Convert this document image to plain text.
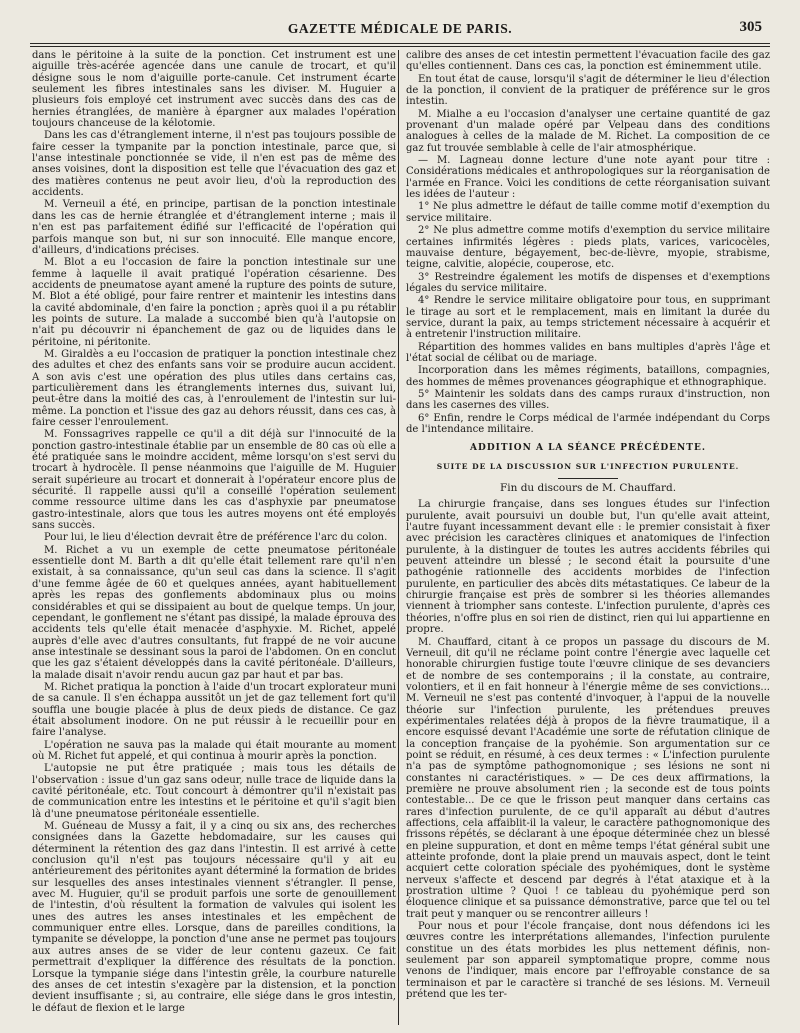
GAZETTE MÉDICALE DE PARIS.	305

dans le péritoine à la suite de la ponction. Cet instrument est une aiguille très-acérée agencée dans une canule de trocart, et qu'il désigne sous le nom d'aiguille porte-canule. Cet instrument écarte seulement les fibres intestinales sans les diviser. M. Huguier a plusieurs fois employé cet instrument avec succès dans des cas de hernies étranglées, de manière à épargner aux malades l'opération toujours chanceuse de la kélotomie.

Dans les cas d'étranglement interne, il n'est pas toujours possible de faire cesser la tympanite par la ponction intestinale, parce que, si l'anse intestinale ponctionnée se vide, il n'en est pas de même des anses voisines, dont la disposition est telle que l'évacuation des gaz et des matières contenus ne peut avoir lieu, d'où la reproduction des accidents.

M. Verneuil a été, en principe, partisan de la ponction intestinale dans les cas de hernie étranglée et d'étranglement interne ; mais il n'en est pas parfaitement édifié sur l'efficacité de l'opération qui parfois manque son but, ni sur son innocuité. Elle manque encore, d'ailleurs, d'indications précises.

M. Blot a eu l'occasion de faire la ponction intestinale sur une femme à laquelle il avait pratiqué l'opération césarienne. Des accidents de pneumatose ayant amené la rupture des points de suture, M. Blot a été obligé, pour faire rentrer et maintenir les intestins dans la cavité abdominale, d'en faire la ponction ; après quoi il a pu rétablir les points de suture. La malade a succombé bien qu'à l'autopsie on n'ait pu découvrir ni épanchement de gaz ou de liquides dans le péritoine, ni péritonite.

M. Giraldès a eu l'occasion de pratiquer la ponction intestinale chez des adultes et chez des enfants sans voir se produire aucun accident. A son avis c'est une opération des plus utiles dans certains cas, particulièrement dans les étranglements internes dus, suivant lui, peut-être dans la moitié des cas, à l'enroulement de l'intestin sur lui-même. La ponction et l'issue des gaz au dehors réussit, dans ces cas, à faire cesser l'enroulement.

M. Fonssagrives rappelle ce qu'il a dit déjà sur l'innocuité de la ponction gastro-intestinale établie par un ensemble de 80 cas où elle a été pratiquée sans le moindre accident, même lorsqu'on s'est servi du trocart à hydrocèle. Il pense néanmoins que l'aiguille de M. Huguier serait supérieure au trocart et donnerait à l'opérateur encore plus de sécurité. Il rappelle aussi qu'il a conseillé l'opération seulement comme ressource ultime dans les cas d'asphyxie par pneumatose gastro-intestinale, alors que tous les autres moyens ont été employés sans succès.

Pour lui, le lieu d'élection devrait être de préférence l'arc du colon.

M. Richet a vu un exemple de cette pneumatose péritonéale essentielle dont M. Barth a dit qu'elle était tellement rare qu'il n'en existait, à sa connaissance, qu'un seul cas dans la science. Il s'agit d'une femme âgée de 60 et quelques années, ayant habituellement après les repas des gonflements abdominaux plus ou moins considérables et qui se dissipaient au bout de quelque temps. Un jour, cependant, le gonflement ne s'étant pas dissipé, la malade éprouva des accidents tels qu'elle était menacée d'asphyxie. M. Richet, appelé auprès d'elle avec d'autres consultants, fut frappé de ne voir aucune anse intestinale se dessinant sous la paroi de l'abdomen. On en conclut que les gaz s'étaient développés dans la cavité péritonéale. D'ailleurs, la malade disait n'avoir rendu aucun gaz par haut et par bas.

M. Richet pratiqua la ponction à l'aide d'un trocart explorateur muni de sa canule. Il s'en échappa aussitôt un jet de gaz tellement fort qu'il souffla une bougie placée à plus de deux pieds de distance. Ce gaz était absolument inodore. On ne put réussir à le recueillir pour en faire l'analyse.

L'opération ne sauva pas la malade qui était mourante au moment où M. Richet fut appelé, et qui continua à mourir après la ponction.

L'autopsie ne put être pratiquée ; mais tous les détails de l'observation : issue d'un gaz sans odeur, nulle trace de liquide dans la cavité péritonéale, etc. Tout concourt à démontrer qu'il n'existait pas de communication entre les intestins et le péritoine et qu'il s'agit bien là d'une pneumatose péritonéale essentielle.

M. Guéneau de Mussy a fait, il y a cinq ou six ans, des recherches consignées dans la Gazette hebdomadaire, sur les causes qui déterminent la rétention des gaz dans l'intestin. Il est arrivé à cette conclusion qu'il n'est pas toujours nécessaire qu'il y ait eu antérieurement des péritonites ayant déterminé la formation de brides sur lesquelles des anses intestinales viennent s'étrangler. Il pense, avec M. Huguier, qu'il se produit parfois une sorte de genouillement de l'intestin, d'où résultent la formation de valvules qui isolent les unes des autres les anses intestinales et les empêchent de communiquer entre elles. Lorsque, dans de pareilles conditions, la tympanite se développe, la ponction d'une anse ne permet pas toujours aux autres anses de se vider de leur contenu gazeux. Ce fait permettrait d'expliquer la différence des résultats de la ponction. Lorsque la tympanie siége dans l'intestin grêle, la courbure naturelle des anses de cet intestin s'exagère par la distension, et la ponction devient insuffisante ; si, au contraire, elle siége dans le gros intestin, le défaut de flexion et le large

calibre des anses de cet intestin permettent l'évacuation facile des gaz qu'elles contiennent. Dans ces cas, la ponction est éminemment utile.

En tout état de cause, lorsqu'il s'agit de déterminer le lieu d'élection de la ponction, il convient de la pratiquer de préférence sur le gros intestin.

M. Mialhe a eu l'occasion d'analyser une certaine quantité de gaz provenant d'un malade opéré par Velpeau dans des conditions analogues à celles de la malade de M. Richet. La composition de ce gaz fut trouvée semblable à celle de l'air atmosphérique.

— M. Lagneau donne lecture d'une note ayant pour titre : Considérations médicales et anthropologiques sur la réorganisation de l'armée en France. Voici les conditions de cette réorganisation suivant les idées de l'auteur :

1° Ne plus admettre le défaut de taille comme motif d'exemption du service militaire.

2° Ne plus admettre comme motifs d'exemption du service militaire certaines infirmités légères : pieds plats, varices, varicocèles, mauvaise denture, bégayement, bec-de-lièvre, myopie, strabisme, teigne, calvitie, alopécie, couperose, etc.

3° Restreindre également les motifs de dispenses et d'exemptions légales du service militaire.

4° Rendre le service militaire obligatoire pour tous, en supprimant le tirage au sort et le remplacement, mais en limitant la durée du service, durant la paix, au temps strictement nécessaire à acquérir et à entretenir l'instruction militaire.

Répartition des hommes valides en bans multiples d'après l'âge et l'état social de célibat ou de mariage.

Incorporation dans les mêmes régiments, bataillons, compagnies, des hommes de mêmes provenances géographique et ethnographique.

5° Maintenir les soldats dans des camps ruraux d'instruction, non dans les casernes des villes.

6° Enfin, rendre le Corps médical de l'armée indépendant du Corps de l'intendance militaire.

ADDITION A LA SÉANCE PRÉCÉDENTE.
SUITE DE LA DISCUSSION SUR L'INFECTION PURULENTE.
Fin du discours de M. Chauffard.

La chirurgie française, dans ses longues études sur l'infection purulente, avait poursuivi un double but, l'un qu'elle avait atteint, l'autre fuyant incessamment devant elle : le premier consistait à fixer avec précision les caractères cliniques et anatomiques de l'infection purulente, à la distinguer de toutes les autres accidents fébriles qui peuvent atteindre un blessé ; le second était la poursuite d'une pathogénie rationnelle des accidents morbides de l'infection purulente, en particulier des abcès dits métastatiques. Ce labeur de la chirurgie française est près de sombrer si les théories allemandes viennent à triompher sans conteste. L'infection purulente, d'après ces théories, n'offre plus en soi rien de distinct, rien qui lui appartienne en propre.

M. Chauffard, citant à ce propos un passage du discours de M. Verneuil, dit qu'il ne réclame point contre l'énergie avec laquelle cet honorable chirurgien fustige toute l'œuvre clinique de ses devanciers et de nombre de ses contemporains ; il la constate, au contraire, volontiers, et il en fait honneur à l'énergie même de ses convictions... M. Verneuil ne s'est pas contenté d'invoquer, à l'appui de la nouvelle théorie sur l'infection purulente, les prétendues preuves expérimentales relatées déjà à propos de la fièvre traumatique, il a encore esquissé devant l'Académie une sorte de réfutation clinique de la conception française de la pyohémie. Son argumentation sur ce point se réduit, en résumé, à ces deux termes : « L'infection purulente n'a pas de symptôme pathognomonique ; ses lésions ne sont ni constantes ni caractéristiques. » — De ces deux affirmations, la première ne prouve absolument rien ; la seconde est de tous points contestable... De ce que le frisson peut manquer dans certains cas rares d'infection purulente, de ce qu'il apparaît au début d'autres affections, cela affaiblit-il la valeur, le caractère pathognomonique des frissons répétés, se déclarant à une époque déterminée chez un blessé en pleine suppuration, et dont en même temps l'état général subit une atteinte profonde, dont la plaie prend un mauvais aspect, dont le teint acquiert cette coloration spéciale des pyohémiques, dont le système nerveux s'affecte et descend par degrés à l'état ataxique et à la prostration ultime ? Quoi ! ce tableau du pyohémique perd son éloquence clinique et sa puissance démonstrative, parce que tel ou tel trait peut y manquer ou se rencontrer ailleurs !

Pour nous et pour l'école française, dont nous défendons ici les œuvres contre les interprétations allemandes, l'infection purulente constitue un des états morbides les plus nettement définis, non-seulement par son appareil symptomatique propre, comme nous venons de l'indiquer, mais encore par l'effroyable constance de sa terminaison et par le caractère si tranché de ses lésions. M. Verneuil prétend que les ter-
